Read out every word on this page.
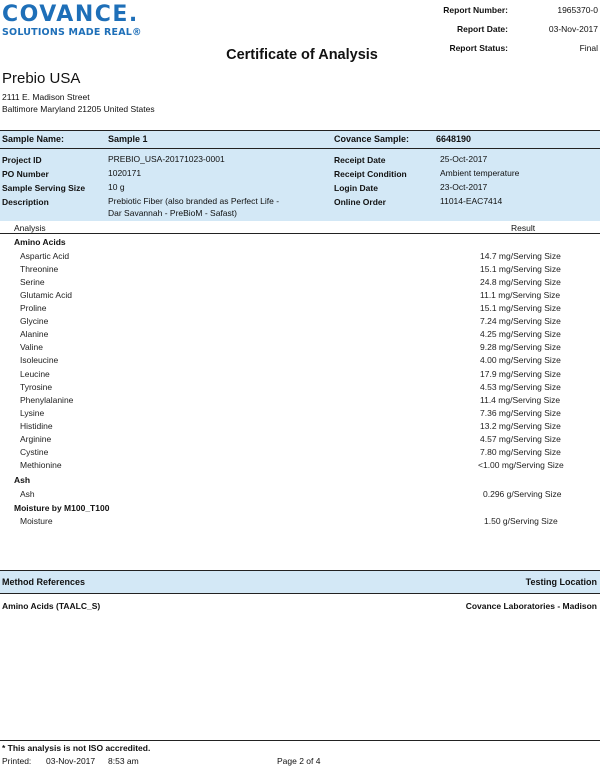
COVANCE.
SOLUTIONS MADE REAL®
Report Number:	1965370-0
Report Date:	03-Nov-2017
Report Status:	Final
Certificate of Analysis
Prebio USA
2111 E. Madison Street
Baltimore Maryland 21205 United States
Sample Name:	Sample 1	Covance Sample:	6648190
Project ID	PREBIO_USA-20171023-0001
PO Number	1020171
Sample Serving Size	10 g
Description	Prebiotic Fiber (also branded as Perfect Life -
Dar Savannah - PreBioM - Safast)
Receipt Date	25-Oct-2017
Receipt Condition	Ambient temperature
Login Date	23-Oct-2017
Online Order	11014-EAC7414
Analysis	Result
Amino Acids
Aspartic Acid	14.7 mg/Serving Size
Threonine	15.1 mg/Serving Size
Serine	24.8 mg/Serving Size
Glutamic Acid	11.1 mg/Serving Size
Proline	15.1 mg/Serving Size
Glycine	7.24 mg/Serving Size
Alanine	4.25 mg/Serving Size
Valine	9.28 mg/Serving Size
Isoleucine	4.00 mg/Serving Size
Leucine	17.9 mg/Serving Size
Tyrosine	4.53 mg/Serving Size
Phenylalanine	11.4 mg/Serving Size
Lysine	7.36 mg/Serving Size
Histidine	13.2 mg/Serving Size
Arginine	4.57 mg/Serving Size
Cystine	7.80 mg/Serving Size
Methionine	<1.00 mg/Serving Size
Ash
Ash	0.296 g/Serving Size
Moisture by M100_T100
Moisture	1.50 g/Serving Size
Method References	Testing Location
Amino Acids (TAALC_S)	Covance Laboratories - Madison
* This analysis is not ISO accredited.
Printed: 03-Nov-2017 8:53 am	Page 2 of 4
